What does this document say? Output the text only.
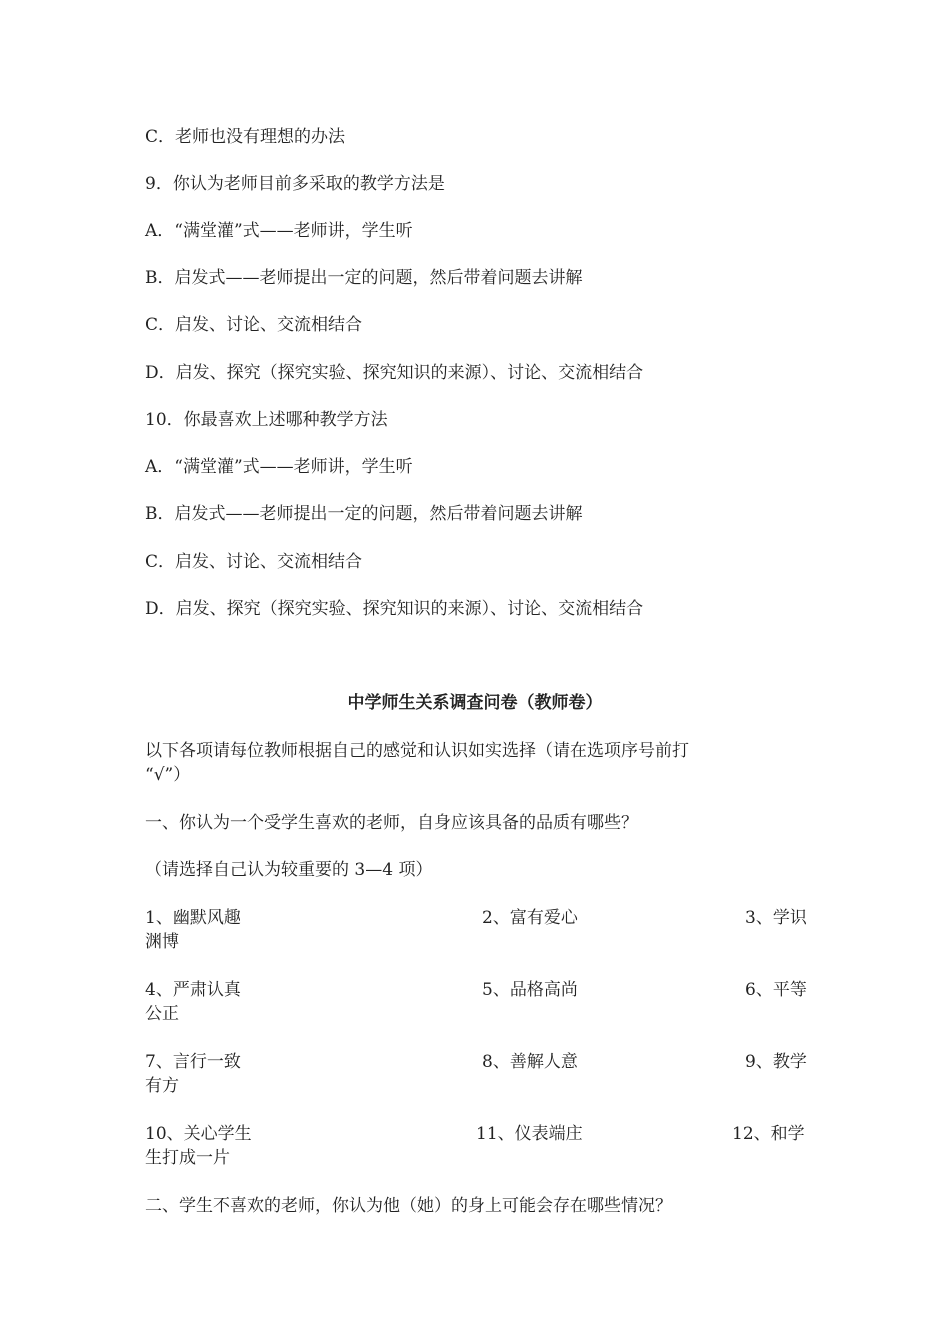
C．老师也没有理想的办法
9．你认为老师目前多采取的教学方法是
A．“满堂灌”式——老师讲，学生听
B．启发式——老师提出一定的问题，然后带着问题去讲解
C．启发、讨论、交流相结合
D．启发、探究（探究实验、探究知识的来源）、讨论、交流相结合
10．你最喜欢上述哪种教学方法
A．“满堂灌”式——老师讲，学生听
B．启发式——老师提出一定的问题，然后带着问题去讲解
C．启发、讨论、交流相结合
D．启发、探究（探究实验、探究知识的来源）、讨论、交流相结合
中学师生关系调查问卷（教师卷）
以下各项请每位教师根据自己的感觉和认识如实选择（请在选项序号前打
“√”）
一、你认为一个受学生喜欢的老师，自身应该具备的品质有哪些？
（请选择自己认为较重要的 3—4 项）
1、幽默风趣	2、富有爱心	3、学识
渊博
4、严肃认真	5、品格高尚	6、平等
公正
7、言行一致	8、善解人意	9、教学
有方
10、关心学生	11、仪表端庄	12、和学
生打成一片
二、学生不喜欢的老师，你认为他（她）的身上可能会存在哪些情况？
